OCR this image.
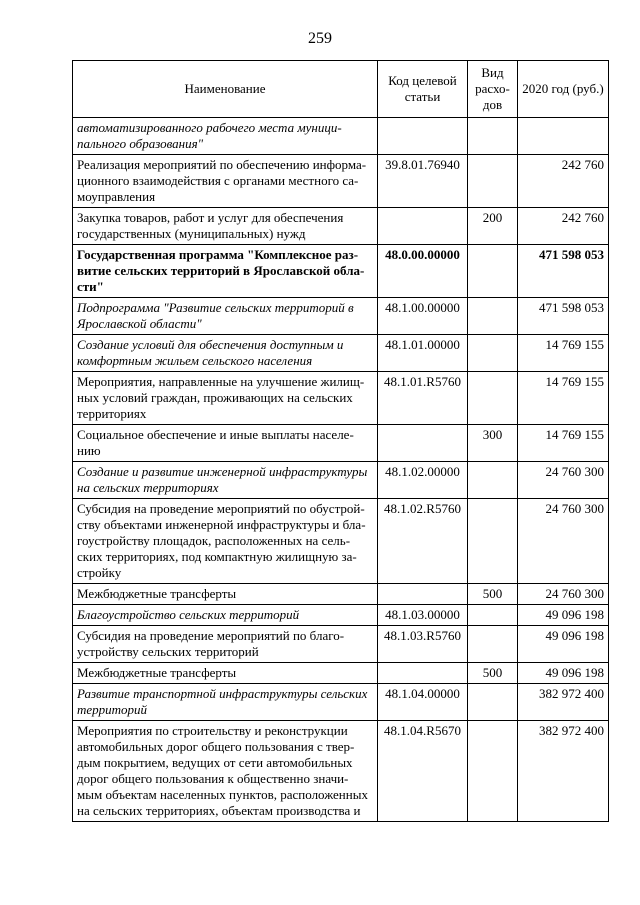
259
Наименование	Код целевой статьи	Вид расхо-дов	2020 год (руб.)
автоматизированного рабочего места муници-пального образования"			
Реализация мероприятий по обеспечению информа-ционного взаимодействия с органами местного са-моуправления	39.8.01.76940		242 760
Закупка товаров, работ и услуг для обеспечения государственных (муниципальных) нужд		200	242 760
Государственная программа "Комплексное раз-витие сельских территорий в Ярославской обла-сти"	48.0.00.00000		471 598 053
Подпрограмма "Развитие сельских территорий в Ярославской области"	48.1.00.00000		471 598 053
Создание условий для обеспечения доступным и комфортным жильем сельского населения	48.1.01.00000		14 769 155
Мероприятия, направленные на улучшение жилищ-ных условий граждан, проживающих на сельских территориях	48.1.01.R5760		14 769 155
Социальное обеспечение и иные выплаты населе-нию		300	14 769 155
Создание и развитие инженерной инфраструктуры на сельских территориях	48.1.02.00000		24 760 300
Субсидия на проведение мероприятий по обустрой-ству объектами инженерной инфраструктуры и бла-гоустройству площадок, расположенных на сель-ских территориях, под компактную жилищную за-стройку	48.1.02.R5760		24 760 300
Межбюджетные трансферты		500	24 760 300
Благоустройство сельских территорий	48.1.03.00000		49 096 198
Субсидия на проведение мероприятий по благо-устройству сельских территорий	48.1.03.R5760		49 096 198
Межбюджетные трансферты		500	49 096 198
Развитие транспортной инфраструктуры сельских территорий	48.1.04.00000		382 972 400
Мероприятия по строительству и реконструкции автомобильных дорог общего пользования с твер-дым покрытием, ведущих от сети автомобильных дорог общего пользования к общественно значи-мым объектам населенных пунктов, расположенных на сельских территориях, объектам производства и	48.1.04.R5670		382 972 400
